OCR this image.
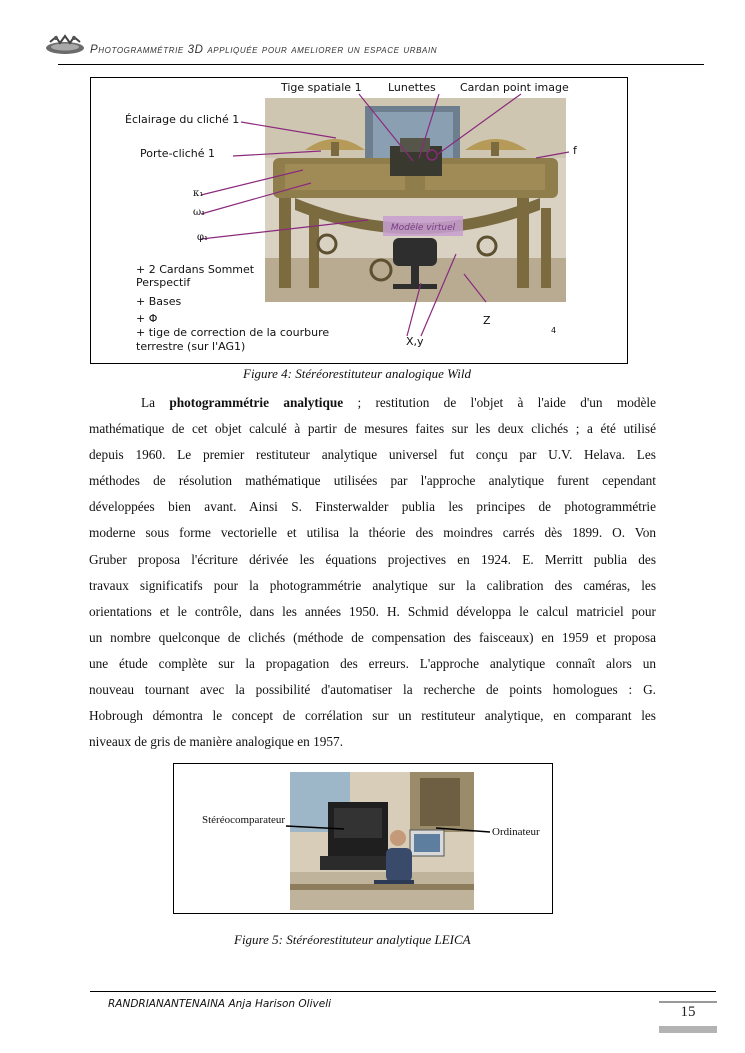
Photogrammétrie 3D appliquée pour ameliorer un espace urbain
Modèle virtuel
Tige spatiale 1 Lunettes Cardan point image
Éclairage du cliché 1
Porte-cliché 1	f
κ₁
ω₁
φ₁
+ 2 Cardans Sommet
Perspectif
+ Bases
+ Φ
+ tige de correction de la courbure
terrestre (sur l'AG1)
Z
X,y
4
Figure 4: Stéréorestituteur analogique Wild
La photogrammétrie analytique ; restitution de l'objet à l'aide d'un modèle
mathématique de cet objet calculé à partir de mesures faites sur les deux clichés ; a été utilisé
depuis 1960. Le premier restituteur analytique universel fut conçu par U.V. Helava. Les
méthodes de résolution mathématique utilisées par l'approche analytique furent cependant
développées bien avant. Ainsi S. Finsterwalder publia les principes de photogrammétrie
moderne sous forme vectorielle et utilisa la théorie des moindres carrés dès 1899. O. Von
Gruber proposa l'écriture dérivée les équations projectives en 1924. E. Merritt publia des
travaux significatifs pour la photogrammétrie analytique sur la calibration des caméras, les
orientations et le contrôle, dans les années 1950. H. Schmid développa le calcul matriciel pour
un nombre quelconque de clichés (méthode de compensation des faisceaux) en 1959 et proposa
une étude complète sur la propagation des erreurs. L'approche analytique connaît alors un
nouveau tournant avec la possibilité d'automatiser la recherche de points homologues : G.
Hobrough démontra le concept de corrélation sur un restituteur analytique, en comparant les
niveaux de gris de manière analogique en 1957.
Stéréocomparateur
Ordinateur
Figure 5: Stéréorestituteur analytique LEICA
RANDRIANANTENAINA Anja Harison Oliveli	15
